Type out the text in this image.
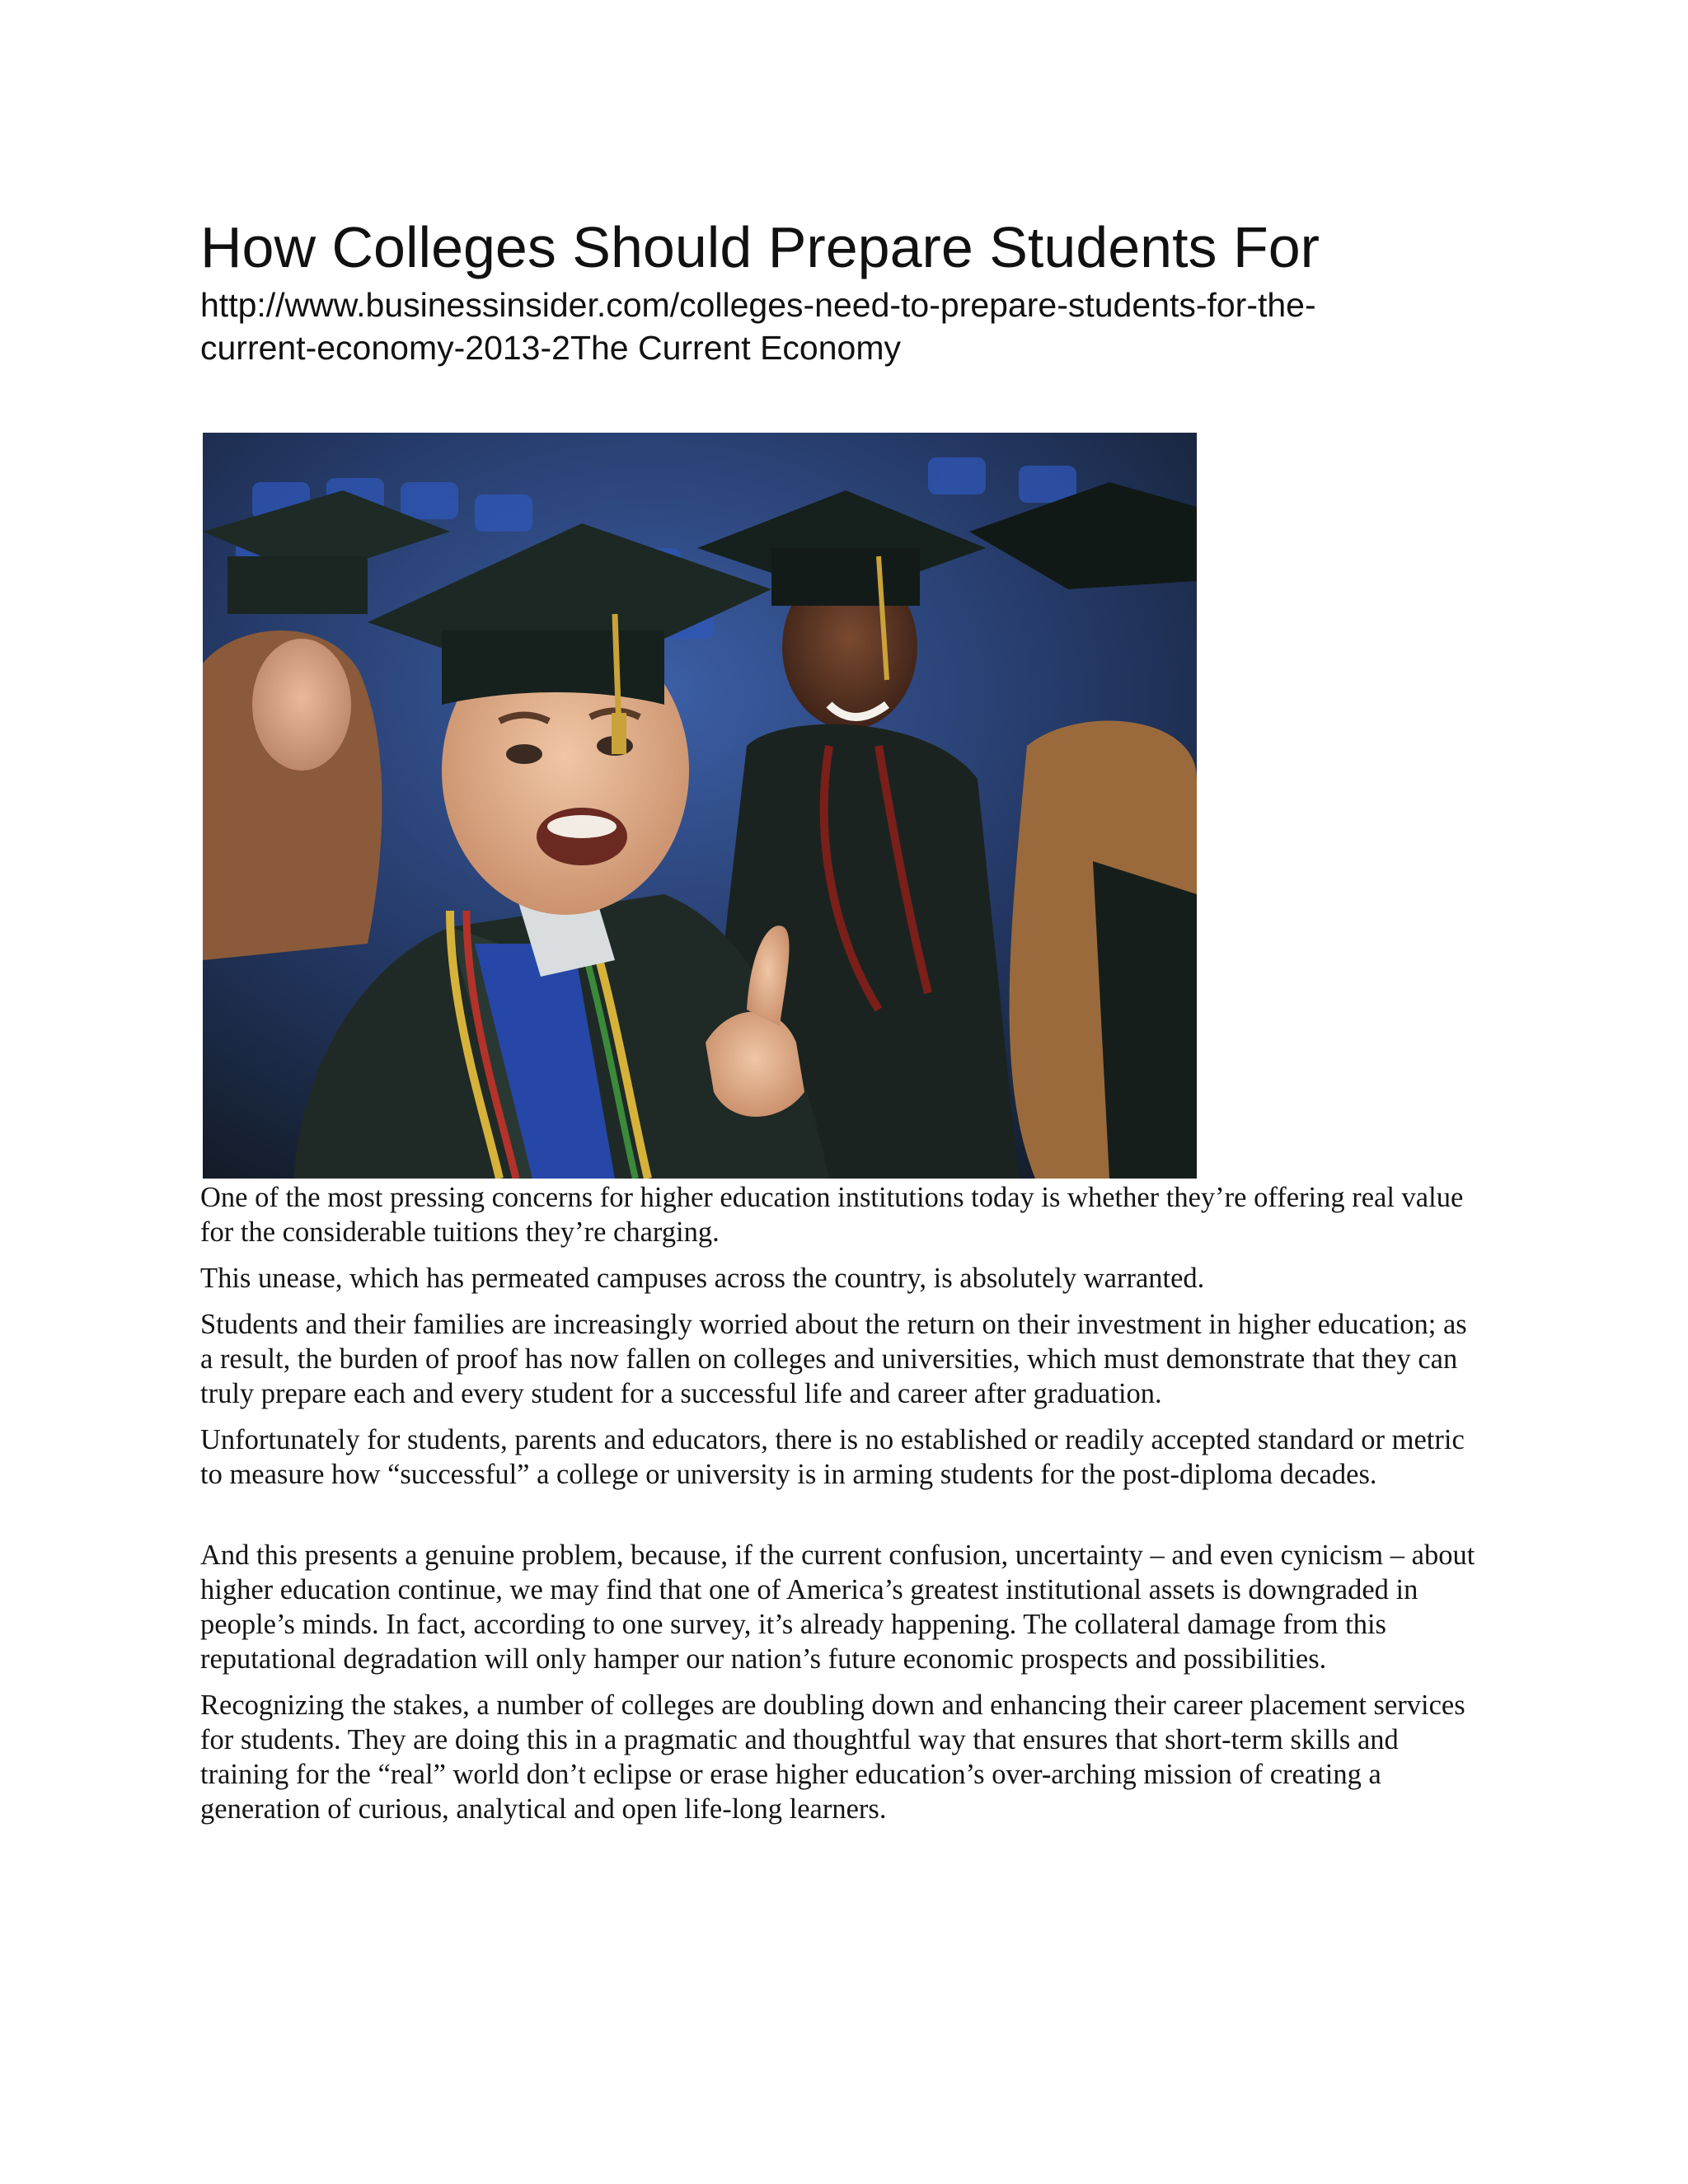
How Colleges Should Prepare Students For
http://www.businessinsider.com/colleges-need-to-prepare-students-for-the-
current-economy-2013-2The Current Economy

One of the most pressing concerns for higher education institutions today is whether they’re offering real value for the considerable tuitions they’re charging.

This unease, which has permeated campuses across the country, is absolutely warranted.

Students and their families are increasingly worried about the return on their investment in higher education; as a result, the burden of proof has now fallen on colleges and universities, which must demonstrate that they can truly prepare each and every student for a successful life and career after graduation.

Unfortunately for students, parents and educators, there is no established or readily accepted standard or metric to measure how “successful” a college or university is in arming students for the post-diploma decades.

And this presents a genuine problem, because, if the current confusion, uncertainty – and even cynicism – about higher education continue, we may find that one of America’s greatest institutional assets is downgraded in people’s minds. In fact, according to one survey, it’s already happening. The collateral damage from this reputational degradation will only hamper our nation’s future economic prospects and possibilities.

Recognizing the stakes, a number of colleges are doubling down and enhancing their career placement services for students. They are doing this in a pragmatic and thoughtful way that ensures that short-term skills and training for the “real” world don’t eclipse or erase higher education’s over-arching mission of creating a generation of curious, analytical and open life-long learners.
